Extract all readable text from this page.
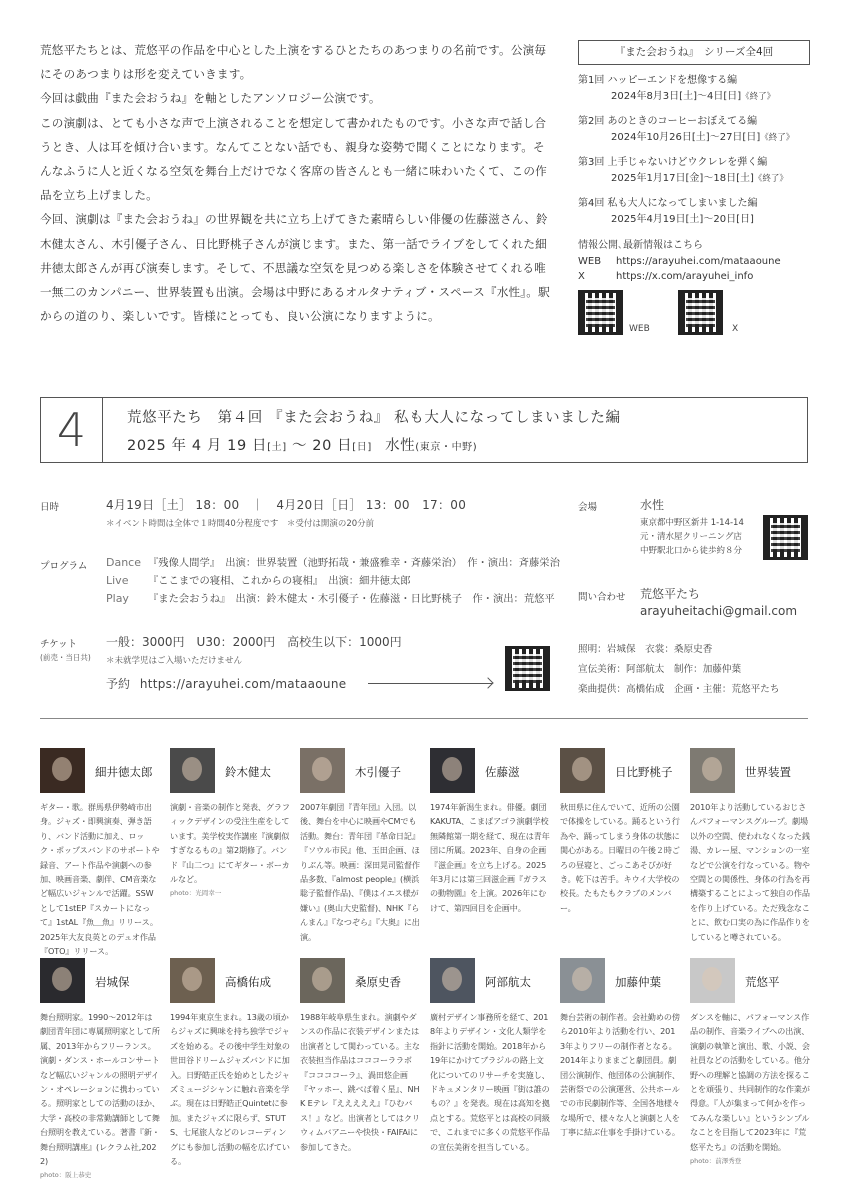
荒悠平たちとは、荒悠平の作品を中心とした上演をするひとたちのあつまりの名前です。公演毎にそのあつまりは形を変えていきます。

今回は戯曲『また会おうね』を軸としたアンソロジー公演です。

この演劇は、とても小さな声で上演されることを想定して書かれたものです。小さな声で話し合うとき、人は耳を傾け合います。なんてことない話でも、親身な姿勢で聞くことになります。そんなふうに人と近くなる空気を舞台上だけでなく客席の皆さんとも一緒に味わいたくて、この作品を立ち上げました。

今回、演劇は『また会おうね』の世界観を共に立ち上げてきた素晴らしい俳優の佐藤滋さん、鈴木健太さん、木引優子さん、日比野桃子さんが演じます。また、第一話でライブをしてくれた細井徳太郎さんが再び演奏します。そして、不思議な空気を見つめる楽しさを体験させてくれる唯一無二のカンパニー、世界装置も出演。会場は中野にあるオルタナティブ・スペース『水性』。駅からの道のり、楽しいです。皆様にとっても、良い公演になりますように。

『また会おうね』　シリーズ全4回
第1回 ハッピーエンドを想像する編
2024年8月3日[土]〜4日[日]《終了》
第2回 あのときのコーヒーおぼえてる編
2024年10月26日[土]〜27日[日]《終了》
第3回 上手じゃないけどウクレレを弾く編
2025年1月17日[金]〜18日[土]《終了》
第4回 私も大人になってしまいました編
2025年4月19日[土]〜20日[日]
情報公開､最新情報はこちら
WEB	https://arayuhei.com/mataaoune
X	https://x.com/arayuhei_info
WEB	X
4	荒悠平たち　第４回 『また会おうね』 私も大人になってしまいました編
2025 年 4 月 19 日[土] 〜 20 日[日] 水性(東京・中野)
日時	4月19日［土］ 18：00　｜　4月20日［日］ 13：00　17：00
＊イベント時間は全体で１時間40分程度です　＊受付は開演の20分前
プログラム Dance 『残像人間学』　出演：世界装置（池野拓哉・兼盛雅幸・斉藤栄治）　作・演出：斉藤栄治
Live 『ここまでの寝相、これからの寝相』　出演：細井徳太郎
Play 『また会おうね』　出演：鈴木健太・木引優子・佐藤滋・日比野桃子　作・演出：荒悠平
チケット
(前売・当日共)
一般：3000円　U30：2000円　高校生以下：1000円
＊未就学児はご入場いただけません
予約 https://arayuhei.com/mataaoune
会場	水性
東京都中野区新井 1-14-14
元・清水屋クリーニング店
中野駅北口から徒歩約８分
問い合わせ 荒悠平たち
arayuheitachi@gmail.com
照明：岩城保　衣裳：桑原史香
宣伝美術：阿部航太　制作：加藤仲葉
楽曲提供：高橋佑成　企画・主催：荒悠平たち
細井徳太郎
ギター・歌。群馬県伊勢崎市出身。ジャズ・即興演奏、弾き語り、バンド活動に加え、ロック・ポップスバンドのサポートや録音、アート作品や演劇への参加、映画音楽、劇伴、CM音楽など幅広いジャンルで活躍。SSWとして1stEP『スカートになって』1stAL『魚＿魚』リリース。2025年大友良英とのデュオ作品『OTO』リリース。
鈴木健太
演劇・音楽の制作と発表、グラフィックデザインの受注生産をしています。美学校実作講座『演劇似すぎなるもの』第2期修了。バンド『山二つ』にてギター・ボーカルなど。
photo：光岡幸一
木引優子
2007年劇団『青年団』入団。以後、舞台を中心に映画やCMでも活動。舞台：青年団『革命日記』『ソウル市民』他、玉田企画、ほりぶん等。映画：深田晃司監督作品多数、『almost people』(横浜聡子監督作品)、『僕はイエス様が嫌い』(奥山大史監督)、NHK『らんまん』『なつぞら』『大奥』に出演。
佐藤滋
1974年新潟生まれ。俳優。劇団KAKUTA、こまばアゴラ演劇学校無隣館第一期を経て、現在は青年団に所属。2023年、自身の企画『滋企画』を立ち上げる。2025年3月には第三回滋企画『ガラスの動物園』を上演。2026年にむけて、第四回目を企画中。
日比野桃子
秋田県に住んでいて、近所の公園で体操をしている。踊るという行為や、踊ってしまう身体の状態に関心がある。日曜日の午後２時ごろの昼寝と、ごっこあそびが好き。乾下は苦手。キウイ大学校の校長。たもたもクラブのメンバー。
世界装置
2010年より活動しているおじさんパフォーマンスグループ。劇場以外の空間、使われなくなった銭湯、カレー屋、マンションの一室などで公演を行なっている。物や空間との関係性、身体の行為を再構築することによって独自の作品を作り上げている。ただ残念なことに、飲む口実の為に作品作りをしていると噂されている。
岩城保
舞台照明家。1990〜2012年は劇団青年団に専属照明家として所属、2013年からフリーランス。演劇・ダンス・ホールコンサートなど幅広いジャンルの照明デザイン・オペレーションに携わっている。照明家としての活動のほか、大学・高校の非常勤講師として舞台照明を教えている。著書『新・舞台照明講座』(レクラム社,2022)
photo：阪上恭史
高橋佑成
1994年東京生まれ。13歳の頃からジャズに興味を持ち独学でジャズを始める。その後中学生対象の世田谷ドリームジャズバンドに加入。日野皓正氏を始めとしたジャズミュージシャンに触れ音楽を学ぶ。現在は日野皓正Quintetに参加。またジャズに限らず、STUTS、七尾旅人などのレコーディングにも参加し活動の幅を広げている。
桑原史香
1988年岐阜県生まれ。演劇やダンスの作品に衣装デザインまたは出演者として関わっている。主な衣装担当作品はコココーララボ『ココココーラ』、渦田悠企画『ヤッホー、跳べば着く星』、NHK Eテレ『えええええ』『ひむバス！』など。出演者としてはクリウィムバアニーや快快・FAIFAiに参加してきた。
阿部航太
廣村デザイン事務所を経て、2018年よりデザイン・文化人類学を指針に活動を開始。2018年から19年にかけてブラジルの路上文化についてのリサーチを実施し、ドキュメンタリー映画『街は誰のもの？』を発表。現在は高知を拠点とする。荒悠平とは高校の同級で、これまでに多くの荒悠平作品の宣伝美術を担当している。
加藤仲葉
舞台芸術の制作者。会社勤めの傍ら2010年より活動を行い、2013年よりフリーの制作者となる。2014年よりままごと劇団員。劇団公演制作、他団体の公演制作、芸術祭での公演運営、公共ホールでの市民劇制作等、全国各地様々な場所で、様々な人と演劇と人を丁寧に結ぶ仕事を手掛けている。
荒悠平
ダンスを軸に、パフォーマンス作品の制作、音楽ライブへの出演、演劇の執筆と演出、歌、小説、会社員などの活動をしている。他分野への理解と協調の方法を探ることを頑張り、共同制作的な作業が得意。『人が集まって何かを作ってみんな楽しい』というシンプルなことを目指して2023年に『荒悠平たち』の活動を開始。
photo：前澤秀登
